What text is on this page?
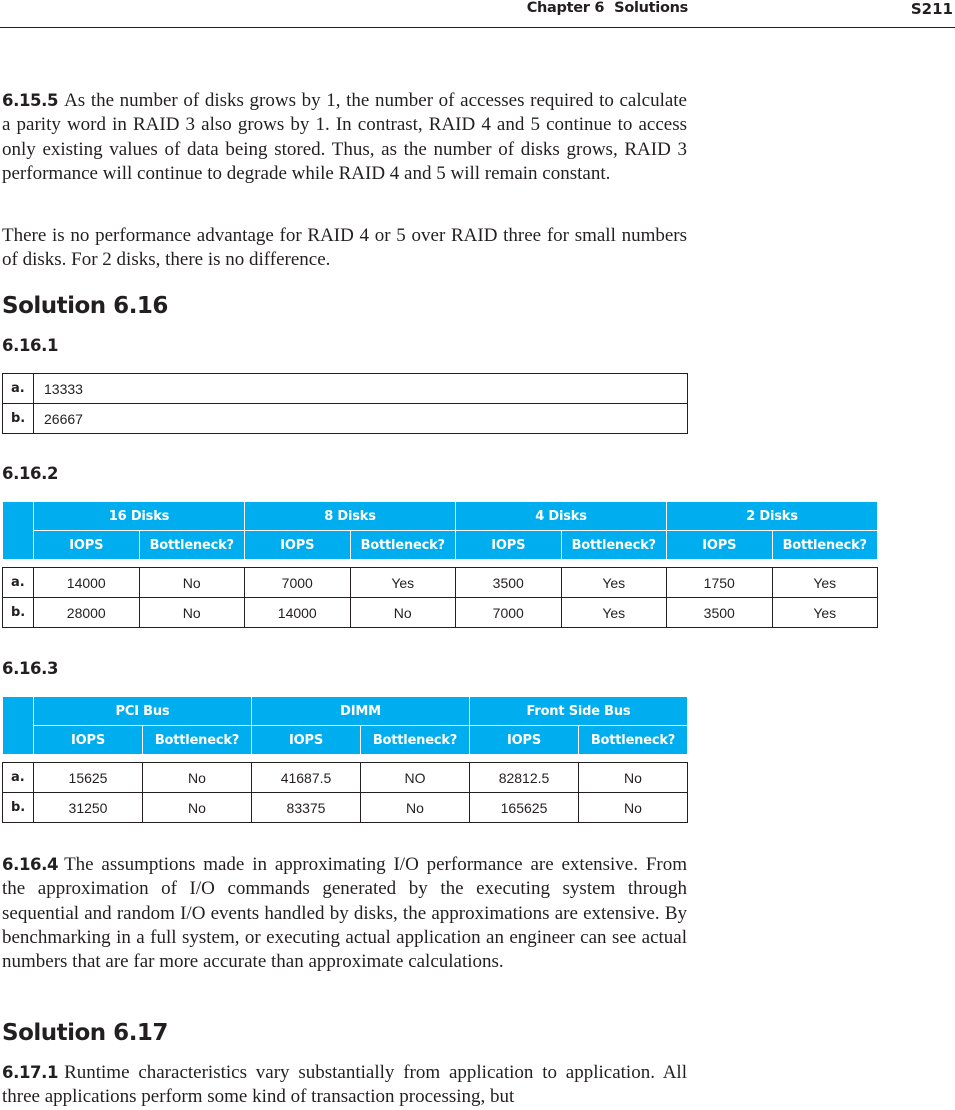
Chapter 6 Solutions	S211

6.15.5 As the number of disks grows by 1, the number of accesses required to calculate a parity word in RAID 3 also grows by 1. In contrast, RAID 4 and 5 continue to access only existing values of data being stored. Thus, as the number of disks grows, RAID 3 performance will continue to degrade while RAID 4 and 5 will remain constant.

There is no performance advantage for RAID 4 or 5 over RAID three for small numbers of disks. For 2 disks, there is no difference.

Solution 6.16
6.16.1
a.	13333
b.	26667
6.16.2
	16 Disks		8 Disks		4 Disks		2 Disks	
	IOPS	Bottleneck?	IOPS	Bottleneck?	IOPS	Bottleneck?	IOPS	Bottleneck?

a.	14000	No	7000	Yes	3500	Yes	1750	Yes
b.	28000	No	14000	No	7000	Yes	3500	Yes
6.16.3
	PCI Bus		DIMM		Front Side Bus	
	IOPS	Bottleneck?	IOPS	Bottleneck?	IOPS	Bottleneck?

a.	15625	No	41687.5	NO	82812.5	No
b.	31250	No	83375	No	165625	No

6.16.4 The assumptions made in approximating I/O performance are extensive. From the approximation of I/O commands generated by the executing system through sequential and random I/O events handled by disks, the approximations are extensive. By benchmarking in a full system, or executing actual application an engineer can see actual numbers that are far more accurate than approximate calculations.

Solution 6.17

6.17.1 Runtime characteristics vary substantially from application to application. All three applications perform some kind of transaction processing, but
